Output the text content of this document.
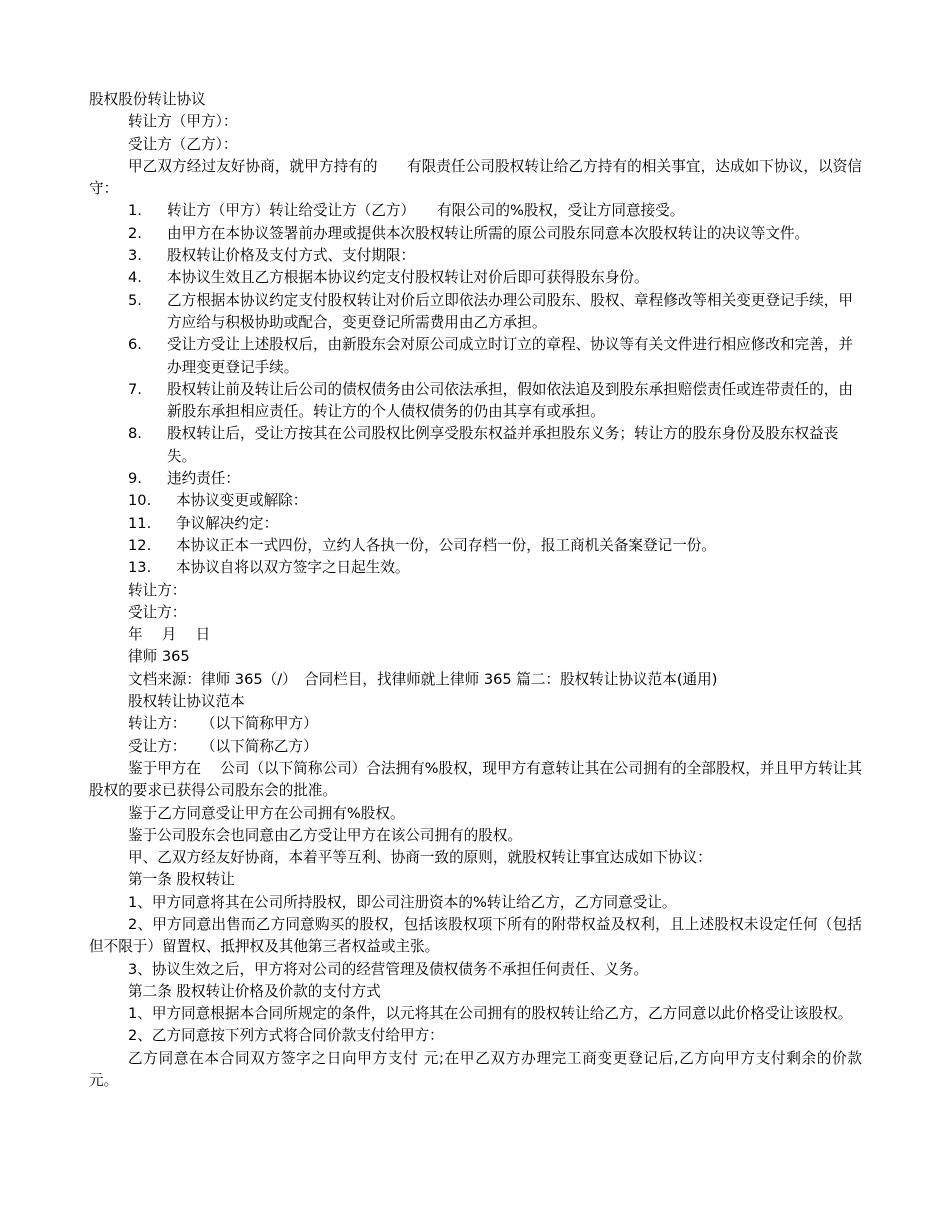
股权股份转让协议
转让方（甲方）：
受让方（乙方）：

甲乙双方经过友好协商，就甲方持有的　　有限责任公司股权转让给乙方持有的相关事宜，达成如下协议，以资信守：

1.	转让方（甲方）转让给受让方（乙方）　　有限公司的%股权，受让方同意接受。
2.	由甲方在本协议签署前办理或提供本次股权转让所需的原公司股东同意本次股权转让的决议等文件。
3.	股权转让价格及支付方式、支付期限：
4.	本协议生效且乙方根据本协议约定支付股权转让对价后即可获得股东身份。
5.	乙方根据本协议约定支付股权转让对价后立即依法办理公司股东、股权、章程修改等相关变更登记手续，甲方应给与积极协助或配合，变更登记所需费用由乙方承担。
6.	受让方受让上述股权后，由新股东会对原公司成立时订立的章程、协议等有关文件进行相应修改和完善，并办理变更登记手续。
7.	股权转让前及转让后公司的债权债务由公司依法承担，假如依法追及到股东承担赔偿责任或连带责任的，由新股东承担相应责任。转让方的个人债权债务的仍由其享有或承担。
8.	股权转让后，受让方按其在公司股权比例享受股东权益并承担股东义务；转让方的股东身份及股东权益丧失。
9.	违约责任：
10.	本协议变更或解除：
11.	争议解决约定：
12.	本协议正本一式四份，立约人各执一份，公司存档一份，报工商机关备案登记一份。
13.	本协议自将以双方签字之日起生效。
转让方：
受让方：
年　 月　 日
律师 365
文档来源：律师 365（/）　合同栏目，找律师就上律师 365 篇二：股权转让协议范本(通用)
股权转让协议范本
转让方：　　（以下简称甲方）
受让方：　　（以下简称乙方）

鉴于甲方在　 公司（以下简称公司）合法拥有%股权，现甲方有意转让其在公司拥有的全部股权，并且甲方转让其股权的要求已获得公司股东会的批准。

鉴于乙方同意受让甲方在公司拥有%股权。

鉴于公司股东会也同意由乙方受让甲方在该公司拥有的股权。

甲、乙双方经友好协商，本着平等互利、协商一致的原则，就股权转让事宜达成如下协议：

第一条 股权转让

1、甲方同意将其在公司所持股权，即公司注册资本的%转让给乙方，乙方同意受让。

2、甲方同意出售而乙方同意购买的股权，包括该股权项下所有的附带权益及权利，且上述股权未设定任何（包括但不限于）留置权、抵押权及其他第三者权益或主张。

3、协议生效之后，甲方将对公司的经营管理及债权债务不承担任何责任、义务。

第二条 股权转让价格及价款的支付方式

1、甲方同意根据本合同所规定的条件，以元将其在公司拥有的股权转让给乙方，乙方同意以此价格受让该股权。

2、乙方同意按下列方式将合同价款支付给甲方：

乙方同意在本合同双方签字之日向甲方支付 元;在甲乙双方办理完工商变更登记后,乙方向甲方支付剩余的价款　 元。
